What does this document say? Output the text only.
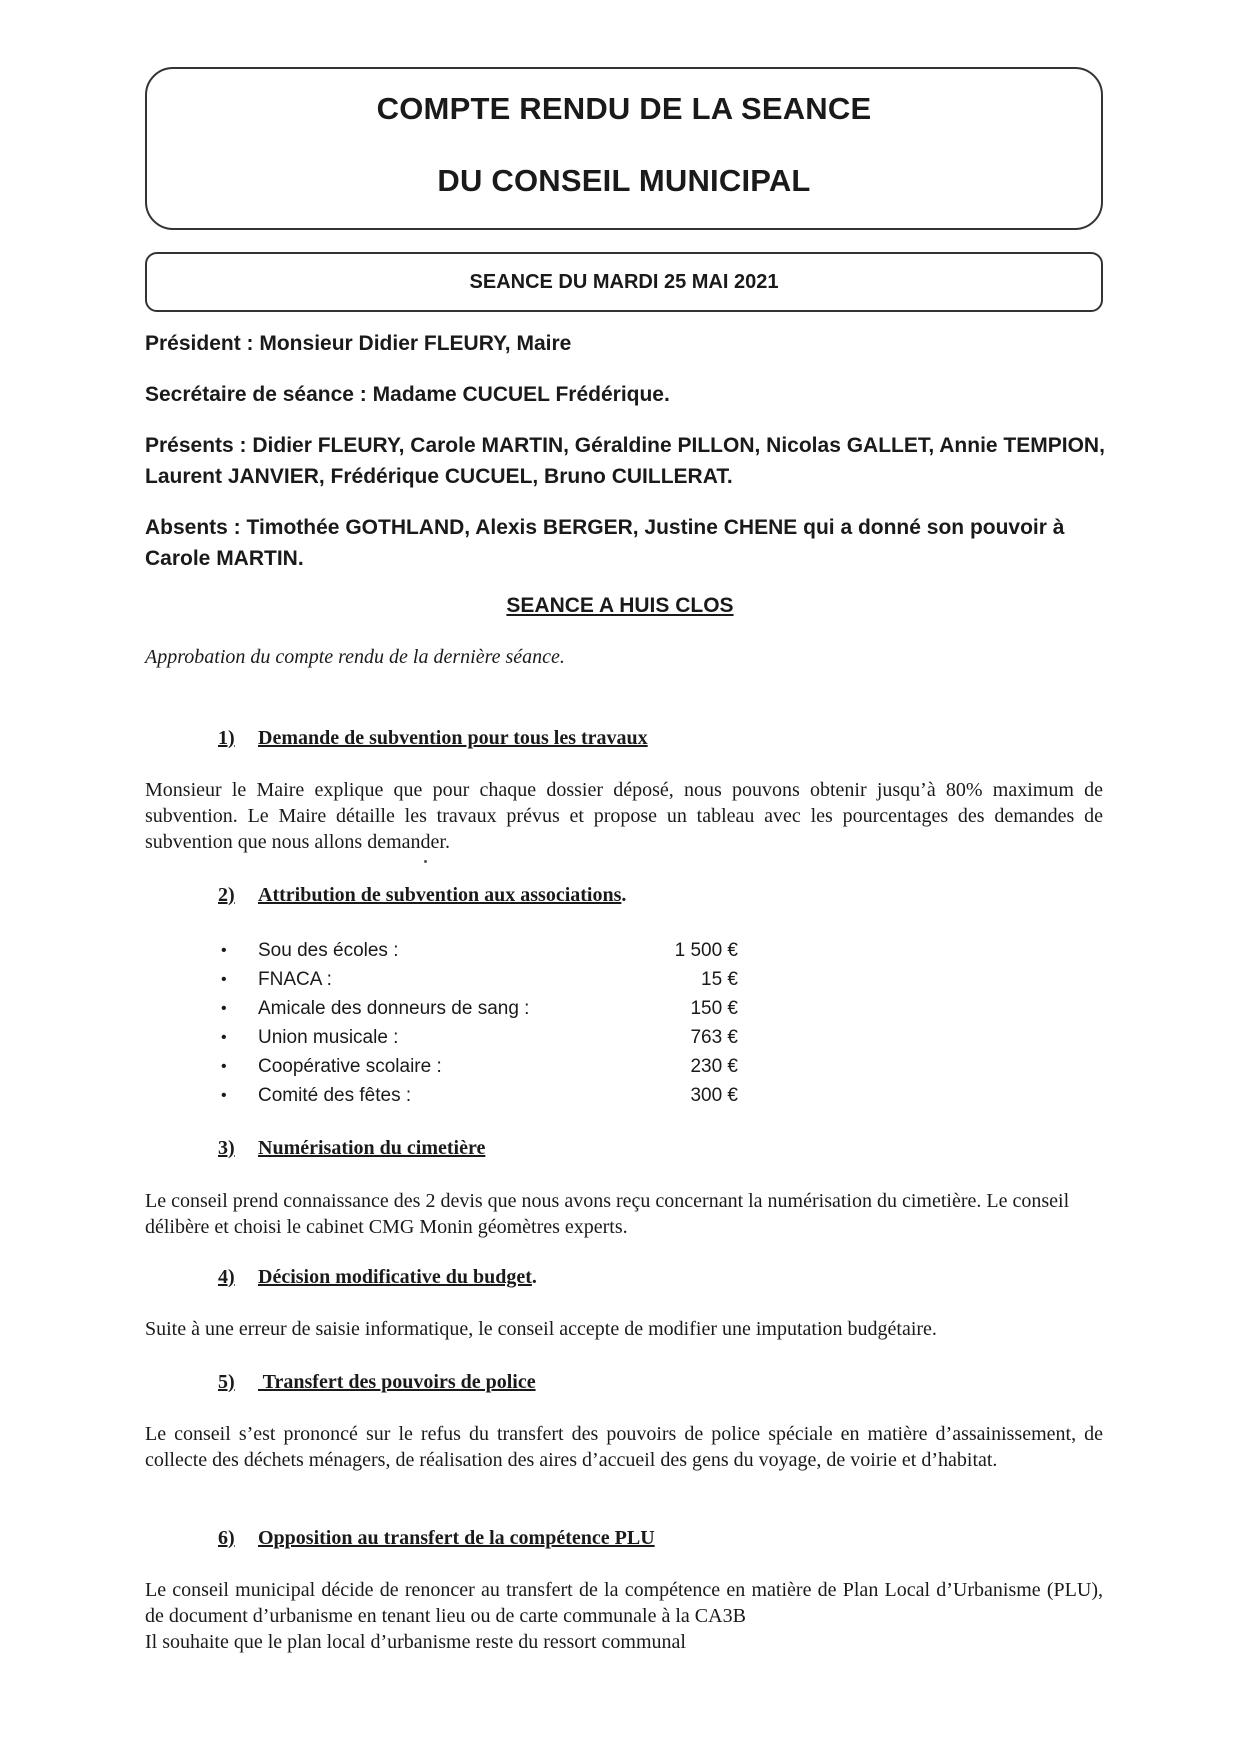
COMPTE RENDU DE LA SEANCE
DU CONSEIL MUNICIPAL
SEANCE DU MARDI 25 MAI 2021
Président : Monsieur Didier FLEURY, Maire
Secrétaire de séance : Madame CUCUEL Frédérique.
Présents : Didier FLEURY, Carole MARTIN, Géraldine PILLON, Nicolas GALLET, Annie TEMPION, Laurent JANVIER, Frédérique CUCUEL, Bruno CUILLERAT.
Absents : Timothée GOTHLAND, Alexis BERGER, Justine CHENE qui a donné son pouvoir à Carole MARTIN.
SEANCE A HUIS CLOS
Approbation du compte rendu de la dernière séance.
1) Demande de subvention pour tous les travaux
Monsieur le Maire explique que pour chaque dossier déposé, nous pouvons obtenir jusqu’à 80% maximum de subvention. Le Maire détaille les travaux prévus et propose un tableau avec les pourcentages des demandes de subvention que nous allons demander.
2) Attribution de subvention aux associations.
• Sou des écoles :	1 500 €
• FNACA :	15 €
• Amicale des donneurs de sang :	150 €
• Union musicale :	763 €
• Coopérative scolaire :	230 €
• Comité des fêtes :	300 €
3) Numérisation du cimetière
Le conseil prend connaissance des 2 devis que nous avons reçu concernant la numérisation du cimetière. Le conseil délibère et choisi le cabinet CMG Monin géomètres experts.
4) Décision modificative du budget.
Suite à une erreur de saisie informatique, le conseil accepte de modifier une imputation budgétaire.
5) Transfert des pouvoirs de police
Le conseil s’est prononcé sur le refus du transfert des pouvoirs de police spéciale en matière d’assainissement, de collecte des déchets ménagers, de réalisation des aires d’accueil des gens du voyage, de voirie et d’habitat.
6) Opposition au transfert de la compétence PLU
Le conseil municipal décide de renoncer au transfert de la compétence en matière de Plan Local d’Urbanisme (PLU), de document d’urbanisme en tenant lieu ou de carte communale à la CA3B
Il souhaite que le plan local d’urbanisme reste du ressort communal
